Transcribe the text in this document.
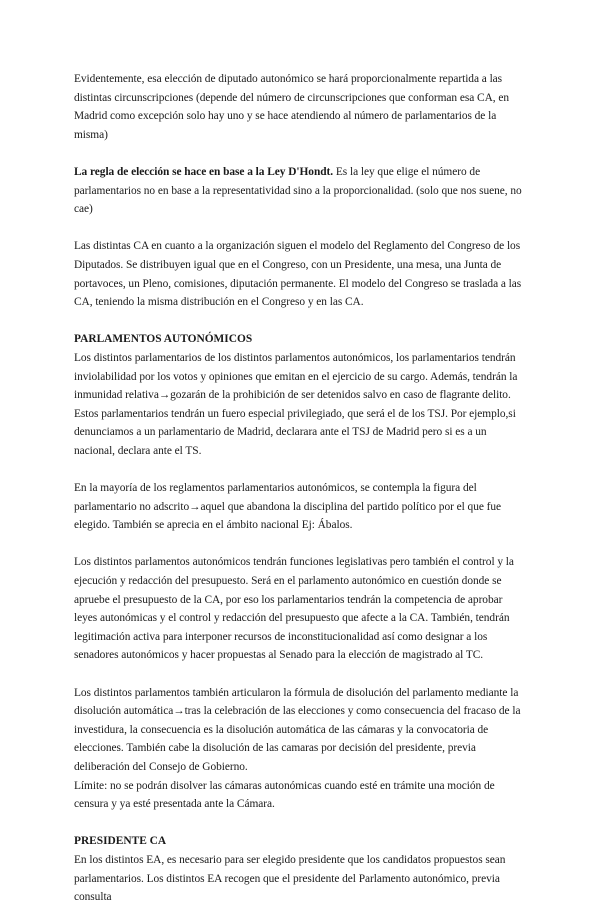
Evidentemente, esa elección de diputado autonómico se hará proporcionalmente repartida a las distintas circunscripciones (depende del número de circunscripciones que conforman esa CA, en Madrid como excepción solo hay uno y se hace atendiendo al número de parlamentarios de la misma)

La regla de elección se hace en base a la Ley D'Hondt. Es la ley que elige el número de parlamentarios no en base a la representatividad sino a la proporcionalidad. (solo que nos suene, no cae)

Las distintas CA en cuanto a la organización siguen el modelo del Reglamento del Congreso de los Diputados. Se distribuyen igual que en el Congreso, con un Presidente, una mesa, una Junta de portavoces, un Pleno, comisiones, diputación permanente. El modelo del Congreso se traslada a las CA, teniendo la misma distribución en el Congreso y en las CA.

PARLAMENTOS AUTONÓMICOS

Los distintos parlamentarios de los distintos parlamentos autonómicos, los parlamentarios tendrán inviolabilidad por los votos y opiniones que emitan en el ejercicio de su cargo. Además, tendrán la inmunidad relativa→gozarán de la prohibición de ser detenidos salvo en caso de flagrante delito. Estos parlamentarios tendrán un fuero especial privilegiado, que será el de los TSJ. Por ejemplo,si denunciamos a un parlamentario de Madrid, declarara ante el TSJ de Madrid pero si es a un nacional, declara ante el TS.

En la mayoría de los reglamentos parlamentarios autonómicos, se contempla la figura del parlamentario no adscrito→aquel que abandona la disciplina del partido político por el que fue elegido. También se aprecia en el ámbito nacional Ej: Ábalos.

Los distintos parlamentos autonómicos tendrán funciones legislativas pero también el control y la ejecución y redacción del presupuesto. Será en el parlamento autonómico en cuestión donde se apruebe el presupuesto de la CA, por eso los parlamentarios tendrán la competencia de aprobar leyes autonómicas y el control y redacción del presupuesto que afecte a la CA. También, tendrán legitimación activa para interponer recursos de inconstitucionalidad así como designar a los senadores autonómicos y hacer propuestas al Senado para la elección de magistrado al TC.

Los distintos parlamentos también articularon la fórmula de disolución del parlamento mediante la disolución automática→tras la celebración de las elecciones y como consecuencia del fracaso de la investidura, la consecuencia es la disolución automática de las cámaras y la convocatoria de elecciones. También cabe la disolución de las camaras por decisión del presidente, previa deliberación del Consejo de Gobierno.

Límite: no se podrán disolver las cámaras autonómicas cuando esté en trámite una moción de censura y ya esté presentada ante la Cámara.

PRESIDENTE CA

En los distintos EA, es necesario para ser elegido presidente que los candidatos propuestos sean parlamentarios. Los distintos EA recogen que el presidente del Parlamento autonómico, previa consulta
